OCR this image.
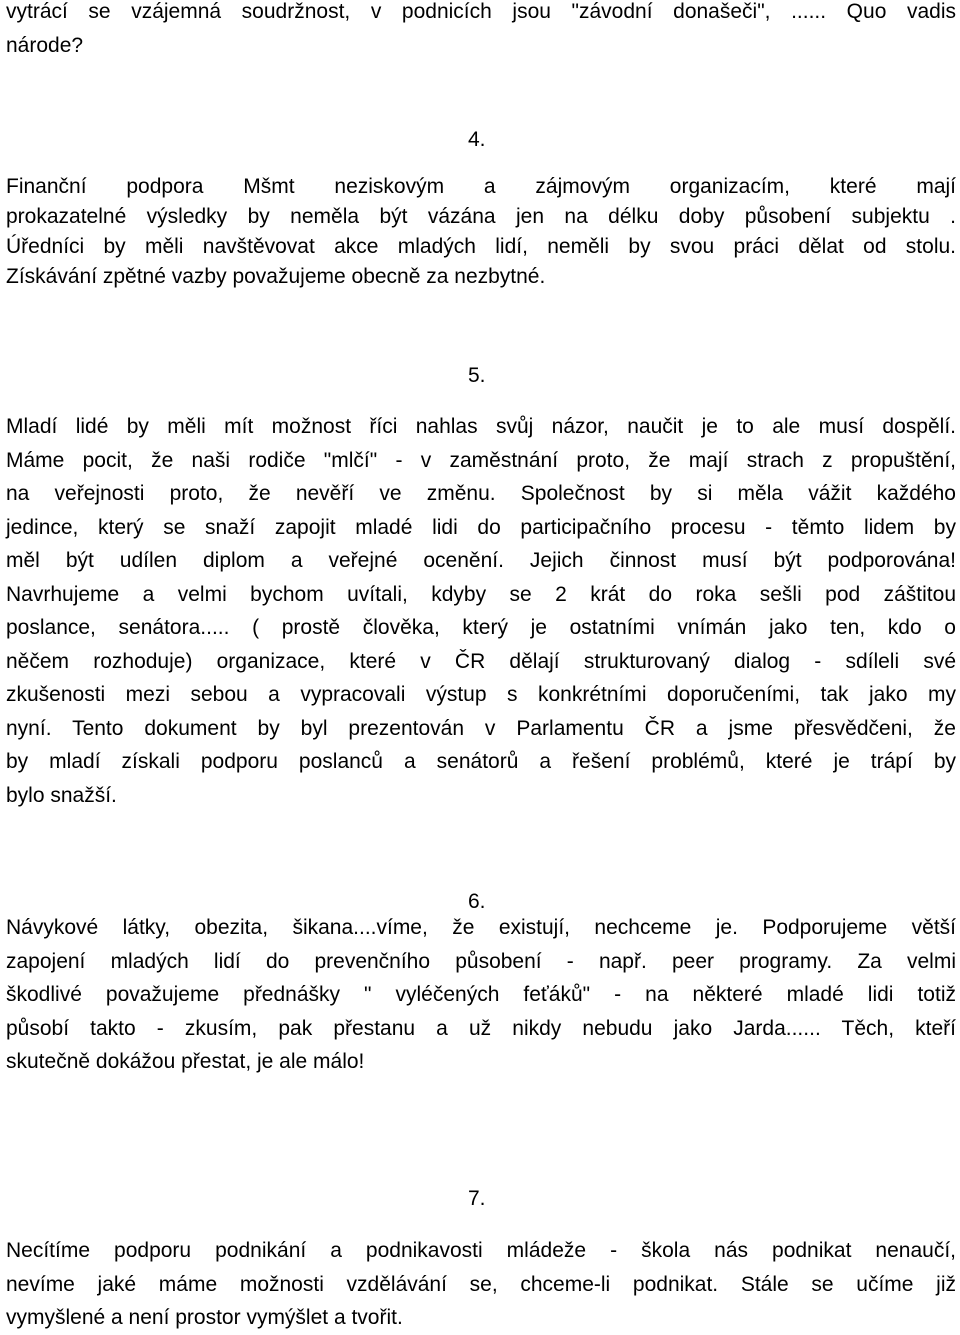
vytrácí se vzájemná soudržnost, v podnicích jsou "závodní donašeči", ...... Quo vadis
národe?
4.
Finanční podpora Mšmt neziskovým a zájmovým organizacím, které mají
prokazatelné výsledky by neměla být vázána jen na délku doby působení subjektu .
Úředníci by měli navštěvovat akce mladých lidí, neměli by svou práci dělat od stolu.
Získávání zpětné vazby považujeme obecně za nezbytné.
5.
Mladí lidé by měli mít možnost říci nahlas svůj názor, naučit je to ale musí dospělí.
Máme pocit, že naši rodiče "mlčí" - v zaměstnání proto, že mají strach z propuštění,
na veřejnosti proto, že nevěří ve změnu. Společnost by si měla vážit každého
jedince, který se snaží zapojit mladé lidi do participačního procesu - těmto lidem by
měl být udílen diplom a veřejné ocenění. Jejich činnost musí být podporována!
Navrhujeme a velmi bychom uvítali, kdyby se 2 krát do roka sešli pod záštitou
poslance, senátora..... ( prostě člověka, který je ostatními vnímán jako ten, kdo o
něčem rozhoduje) organizace, které v ČR dělají strukturovaný dialog - sdíleli své
zkušenosti mezi sebou a vypracovali výstup s konkrétními doporučeními, tak jako my
nyní. Tento dokument by byl prezentován v Parlamentu ČR a jsme přesvědčeni, že
by mladí získali podporu poslanců a senátorů a řešení problémů, které je trápí by
bylo snažší.
6.
Návykové látky, obezita, šikana....víme, že existují, nechceme je. Podporujeme větší
zapojení mladých lidí do prevenčního působení - např. peer programy. Za velmi
škodlivé považujeme přednášky " vyléčených feťáků" - na některé mladé lidi totiž
působí takto - zkusím, pak přestanu a už nikdy nebudu jako Jarda...... Těch, kteří
skutečně dokážou přestat, je ale málo!
7.
Necítíme podporu podnikání a podnikavosti mládeže - škola nás podnikat nenaučí,
nevíme jaké máme možnosti vzdělávání se, chceme-li podnikat. Stále se učíme již
vymyšlené a není prostor vymýšlet a tvořit.
